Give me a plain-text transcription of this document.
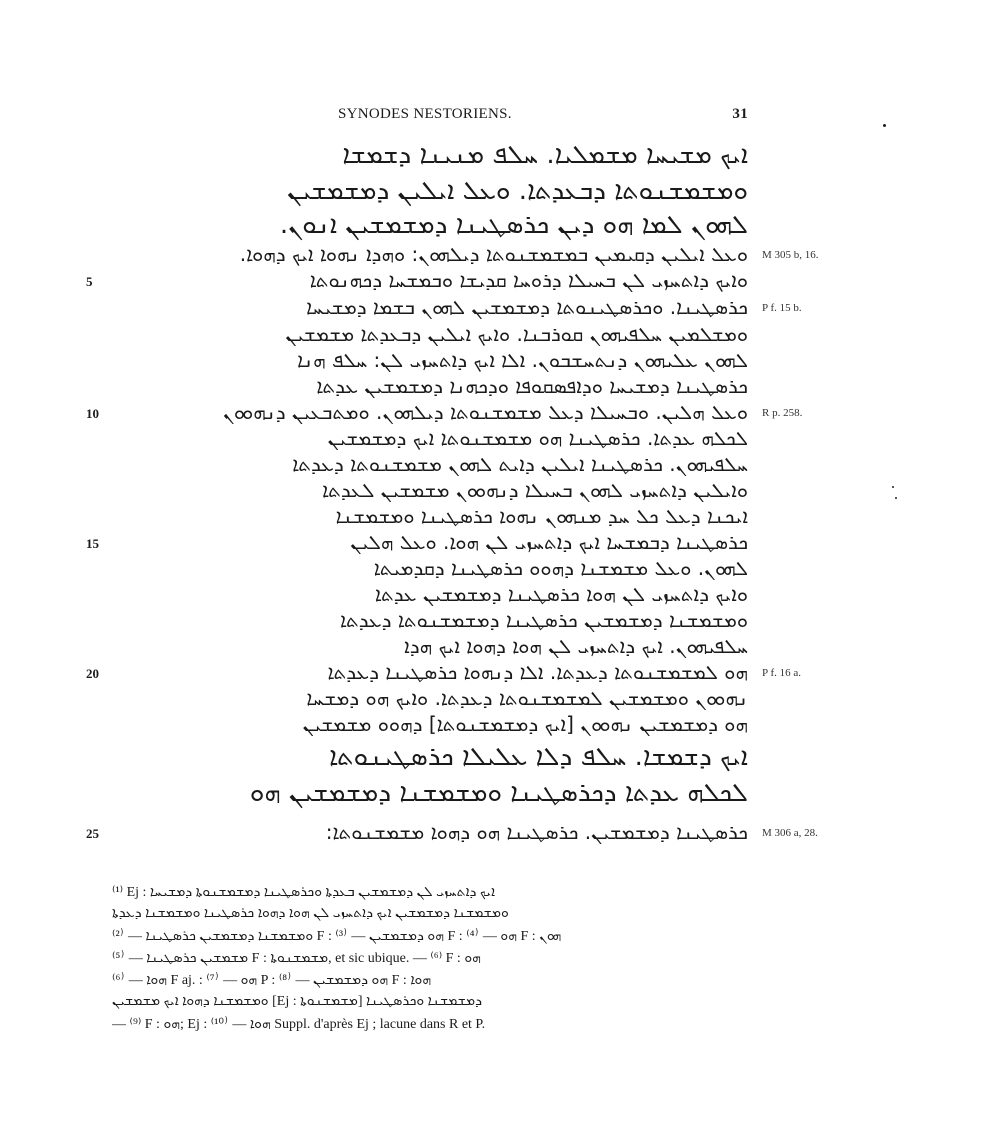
SYNODES NESTORIENS.	31
ܐܝܟ ܡܫܝܚܐ ܡܫܡܠܝܐ. ܚܠܦ ܡܢܝܢܐ ܕܫܡܫܐ
ܘܡܫܡܫܢܘܬܐ ܕܒܥܕܬܐ. ܘܥܠ ܐܝܠܝܢ ܕܡܫܡܫܝܢ
ܠܗܘܢ ܠܡܐ ܗܘ ܕܝܢ ܟܪܣܛܝܢܐ ܕܡܫܡܫܝܢ ܐܢܘܢ.
ܘܥܠ ܐܝܠܝܢ ܕܩܝܡܝܢ ܒܡܫܡܫܢܘܬܐ ܕܝܠܗܘܢ: ܘܗܕܐ ܢܗܘܐ ܐܝܟ ܕܗܘܐ. M 305 b, 16.
5	ܘܐܝܟ ܕܐܬܚܙܝ ܠܢ ܒܚܝܠܐ ܕܪܘܚܐ ܩܕܝܫܐ ܘܒܡܫܚܐ ܕܟܗܢܘܬܐ
ܟܪܣܛܝܢܐ. ܘܟܪܣܛܝܢܘܬܐ ܕܡܫܡܫܝܢ ܠܗܘܢ ܒܫܡܐ ܕܡܫܝܚܐ P f. 15 b.
ܘܡܫܠܡܝܢ ܚܠܦܝܗܘܢ ܩܘܪܒܢܐ. ܘܐܝܟ ܐܝܠܝܢ ܕܒܥܕܬܐ ܡܫܡܫܝܢ
ܠܗܘܢ ܥܠܝܗܘܢ ܕܢܬܚܫܒܘܢ. ܐܠܐ ܐܝܟ ܕܐܬܚܙܝ ܠܢ: ܚܠܦ ܗܢܐ
ܟܪܣܛܝܢܐ ܕܡܫܝܚܐ ܘܕܐܦܣܩܘܦܐ ܘܕܟܗܢܐ ܕܡܫܡܫܝܢ ܥܕܬܐ
10	ܘܥܠ ܗܠܝܢ. ܘܒܚܝܠܐ ܕܥܠ ܡܫܡܫܢܘܬܐ ܕܝܠܗܘܢ. ܘܡܬܒܥܝܢ ܕܢܗܘܘܢ R p. 258.
ܠܟܠܗ ܥܕܬܐ. ܟܪܣܛܝܢܐ ܗܘ ܡܫܡܫܢܘܬܐ ܐܝܟ ܕܡܫܡܫܝܢ
ܚܠܦܝܗܘܢ. ܟܪܣܛܝܢܐ ܐܝܠܝܢ ܕܐܝܬ ܠܗܘܢ ܡܫܡܫܢܘܬܐ ܕܥܕܬܐ
ܘܐܝܠܝܢ ܕܐܬܚܙܝ ܠܗܘܢ ܒܚܝܠܐ ܕܢܗܘܘܢ ܡܫܡܫܝܢ ܠܥܕܬܐ
ܐܝܟܢܐ ܕܥܠ ܟܠ ܚܕ ܡܢܗܘܢ ܢܗܘܐ ܟܪܣܛܝܢܐ ܘܡܫܡܫܢܐ
15	ܟܪܣܛܝܢܐ ܕܒܡܫܚܐ ܐܝܟ ܕܐܬܚܙܝ ܠܢ ܗܘܐ. ܘܥܠ ܗܠܝܢ
ܠܗܘܢ. ܘܥܠ ܡܫܡܫܢܐ ܕܗܘܘ ܟܪܣܛܝܢܐ ܕܩܕܡܝܬܐ
ܘܐܝܟ ܕܐܬܚܙܝ ܠܢ ܗܘܐ ܟܪܣܛܝܢܐ ܕܡܫܡܫܝܢ ܥܕܬܐ
ܘܡܫܡܫܢܐ ܕܡܫܡܫܝܢ ܟܪܣܛܝܢܐ ܕܡܫܡܫܢܘܬܐ ܕܥܕܬܐ
ܚܠܦܝܗܘܢ. ܐܝܟ ܕܐܬܚܙܝ ܠܢ ܗܘܐ ܕܗܘܐ ܐܝܟ ܗܕܐ
20	ܗܘ ܠܡܫܡܫܢܘܬܐ ܕܥܕܬܐ. ܐܠܐ ܕܢܗܘܐ ܟܪܣܛܝܢܐ ܕܥܕܬܐ P f. 16 a.
ܢܗܘܘܢ ܘܡܫܡܫܝܢ ܠܡܫܡܫܢܘܬܐ ܕܥܕܬܐ. ܘܐܝܟ ܗܘ ܕܡܫܚܐ
ܗܘ ܕܡܫܡܫܝܢ ܢܗܘܘܢ [ܐܝܟ ܕܡܫܡܫܢܘܬܐ] ܕܗܘܘ ܡܫܡܫܝܢ
ܐܝܟ ܕܫܡܫܐ. ܚܠܦ ܕܠܐ ܥܠܝܠܐ ܟܪܣܛܝܢܘܬܐ
ܠܟܠܗ ܥܕܬܐ ܕܟܪܣܛܝܢܐ ܘܡܫܡܫܢܐ ܕܡܫܡܫܝܢ ܗܘ
25	ܟܪܣܛܝܢܐ ܕܡܫܡܫܝܢ. ܟܪܣܛܝܢܐ ܗܘ ܕܗܘܐ ܡܫܡܫܢܘܬܐ: M 306 a, 28.
⁽¹⁾ Ej : ܐܝܟ ܕܐܬܚܙܝ ܠܢ ܕܡܫܡܫܝܢ ܒܥܕܬܐ ܘܟܪܣܛܝܢܐ ܕܡܫܡܫܢܘܬܐ ܕܡܫܝܚܐ
ܘܡܫܡܫܢܐ ܕܡܫܡܫܝܢ ܐܝܟ ܕܐܬܚܙܝ ܠܢ ܗܘܐ ܕܗܘܐ ܟܪܣܛܝܢܐ ܘܡܫܡܫܢܐ ܕܥܕܬܐ
ܘܡܫܡܫܢܐ ܕܡܫܡܫܝܢ ܟܪܣܛܝܢܐ — ⁽²⁾ F : ܗܘ ܕܡܫܡܫܝܢ — ⁽³⁾ F : ܗܘ — ⁽⁴⁾ F : ܗܘܢ
ܡܫܡܫܝܢ ܟܪܣܛܝܢܐ — ⁽⁵⁾ F : ܡܫܡܫܢܘܬܐ, et sic ubique. — ⁽⁶⁾ F : ܗܘ
ܗܘܐ — ⁽⁶⁾ F aj. : ܗܘ — ⁽⁷⁾ P : ܗܘ ܕܡܫܡܫܝܢ — ⁽⁸⁾ F : ܗܘܐ
ܘܡܫܡܫܢܐ ܕܗܘܐ ܐܝܟ ܡܫܡܫܝܢ [Ej : ܡܫܡܫܢܘܬܐ] ܕܡܫܡܫܢܐ ܘܟܪܣܛܝܢܐ
— ⁽⁹⁾ F : ܗܘ; Ej : ܗܘܐ — ⁽¹⁰⁾ Suppl. d'après Ej ; lacune dans R et P.
